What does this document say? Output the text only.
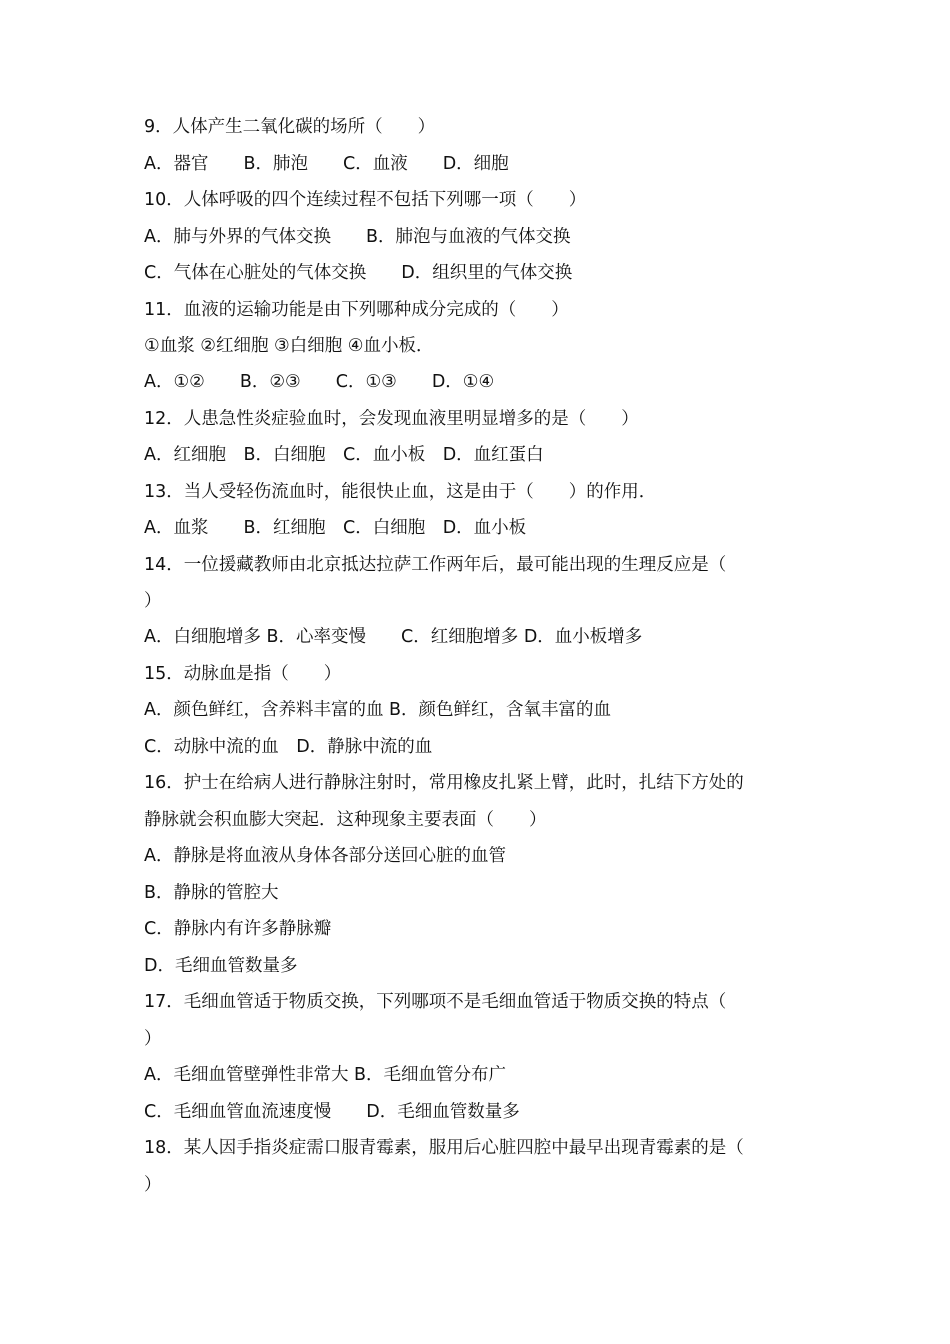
9．人体产生二氧化碳的场所（　　）
A．器官　　B．肺泡　　C．血液　　D．细胞
10．人体呼吸的四个连续过程不包括下列哪一项（　　）
A．肺与外界的气体交换　　B．肺泡与血液的气体交换
C．气体在心脏处的气体交换　　D．组织里的气体交换
11．血液的运输功能是由下列哪种成分完成的（　　）
①血浆 ②红细胞 ③白细胞 ④血小板．
A．①②　　B．②③　　C．①③　　D．①④
12．人患急性炎症验血时，会发现血液里明显增多的是（　　）
A．红细胞　B．白细胞　C．血小板　D．血红蛋白
13．当人受轻伤流血时，能很快止血，这是由于（　　）的作用．
A．血浆　　B．红细胞　C．白细胞　D．血小板
14．一位援藏教师由北京抵达拉萨工作两年后，最可能出现的生理反应是（
）
A．白细胞增多 B．心率变慢　　C．红细胞增多 D．血小板增多
15．动脉血是指（　　）
A．颜色鲜红，含养料丰富的血 B．颜色鲜红，含氧丰富的血
C．动脉中流的血　D．静脉中流的血
16．护士在给病人进行静脉注射时，常用橡皮扎紧上臂，此时，扎结下方处的
静脉就会积血膨大突起．这种现象主要表面（　　）
A．静脉是将血液从身体各部分送回心脏的血管
B．静脉的管腔大
C．静脉内有许多静脉瓣
D．毛细血管数量多
17．毛细血管适于物质交换，下列哪项不是毛细血管适于物质交换的特点（
）
A．毛细血管壁弹性非常大 B．毛细血管分布广
C．毛细血管血流速度慢　　D．毛细血管数量多
18．某人因手指炎症需口服青霉素，服用后心脏四腔中最早出现青霉素的是（
）
